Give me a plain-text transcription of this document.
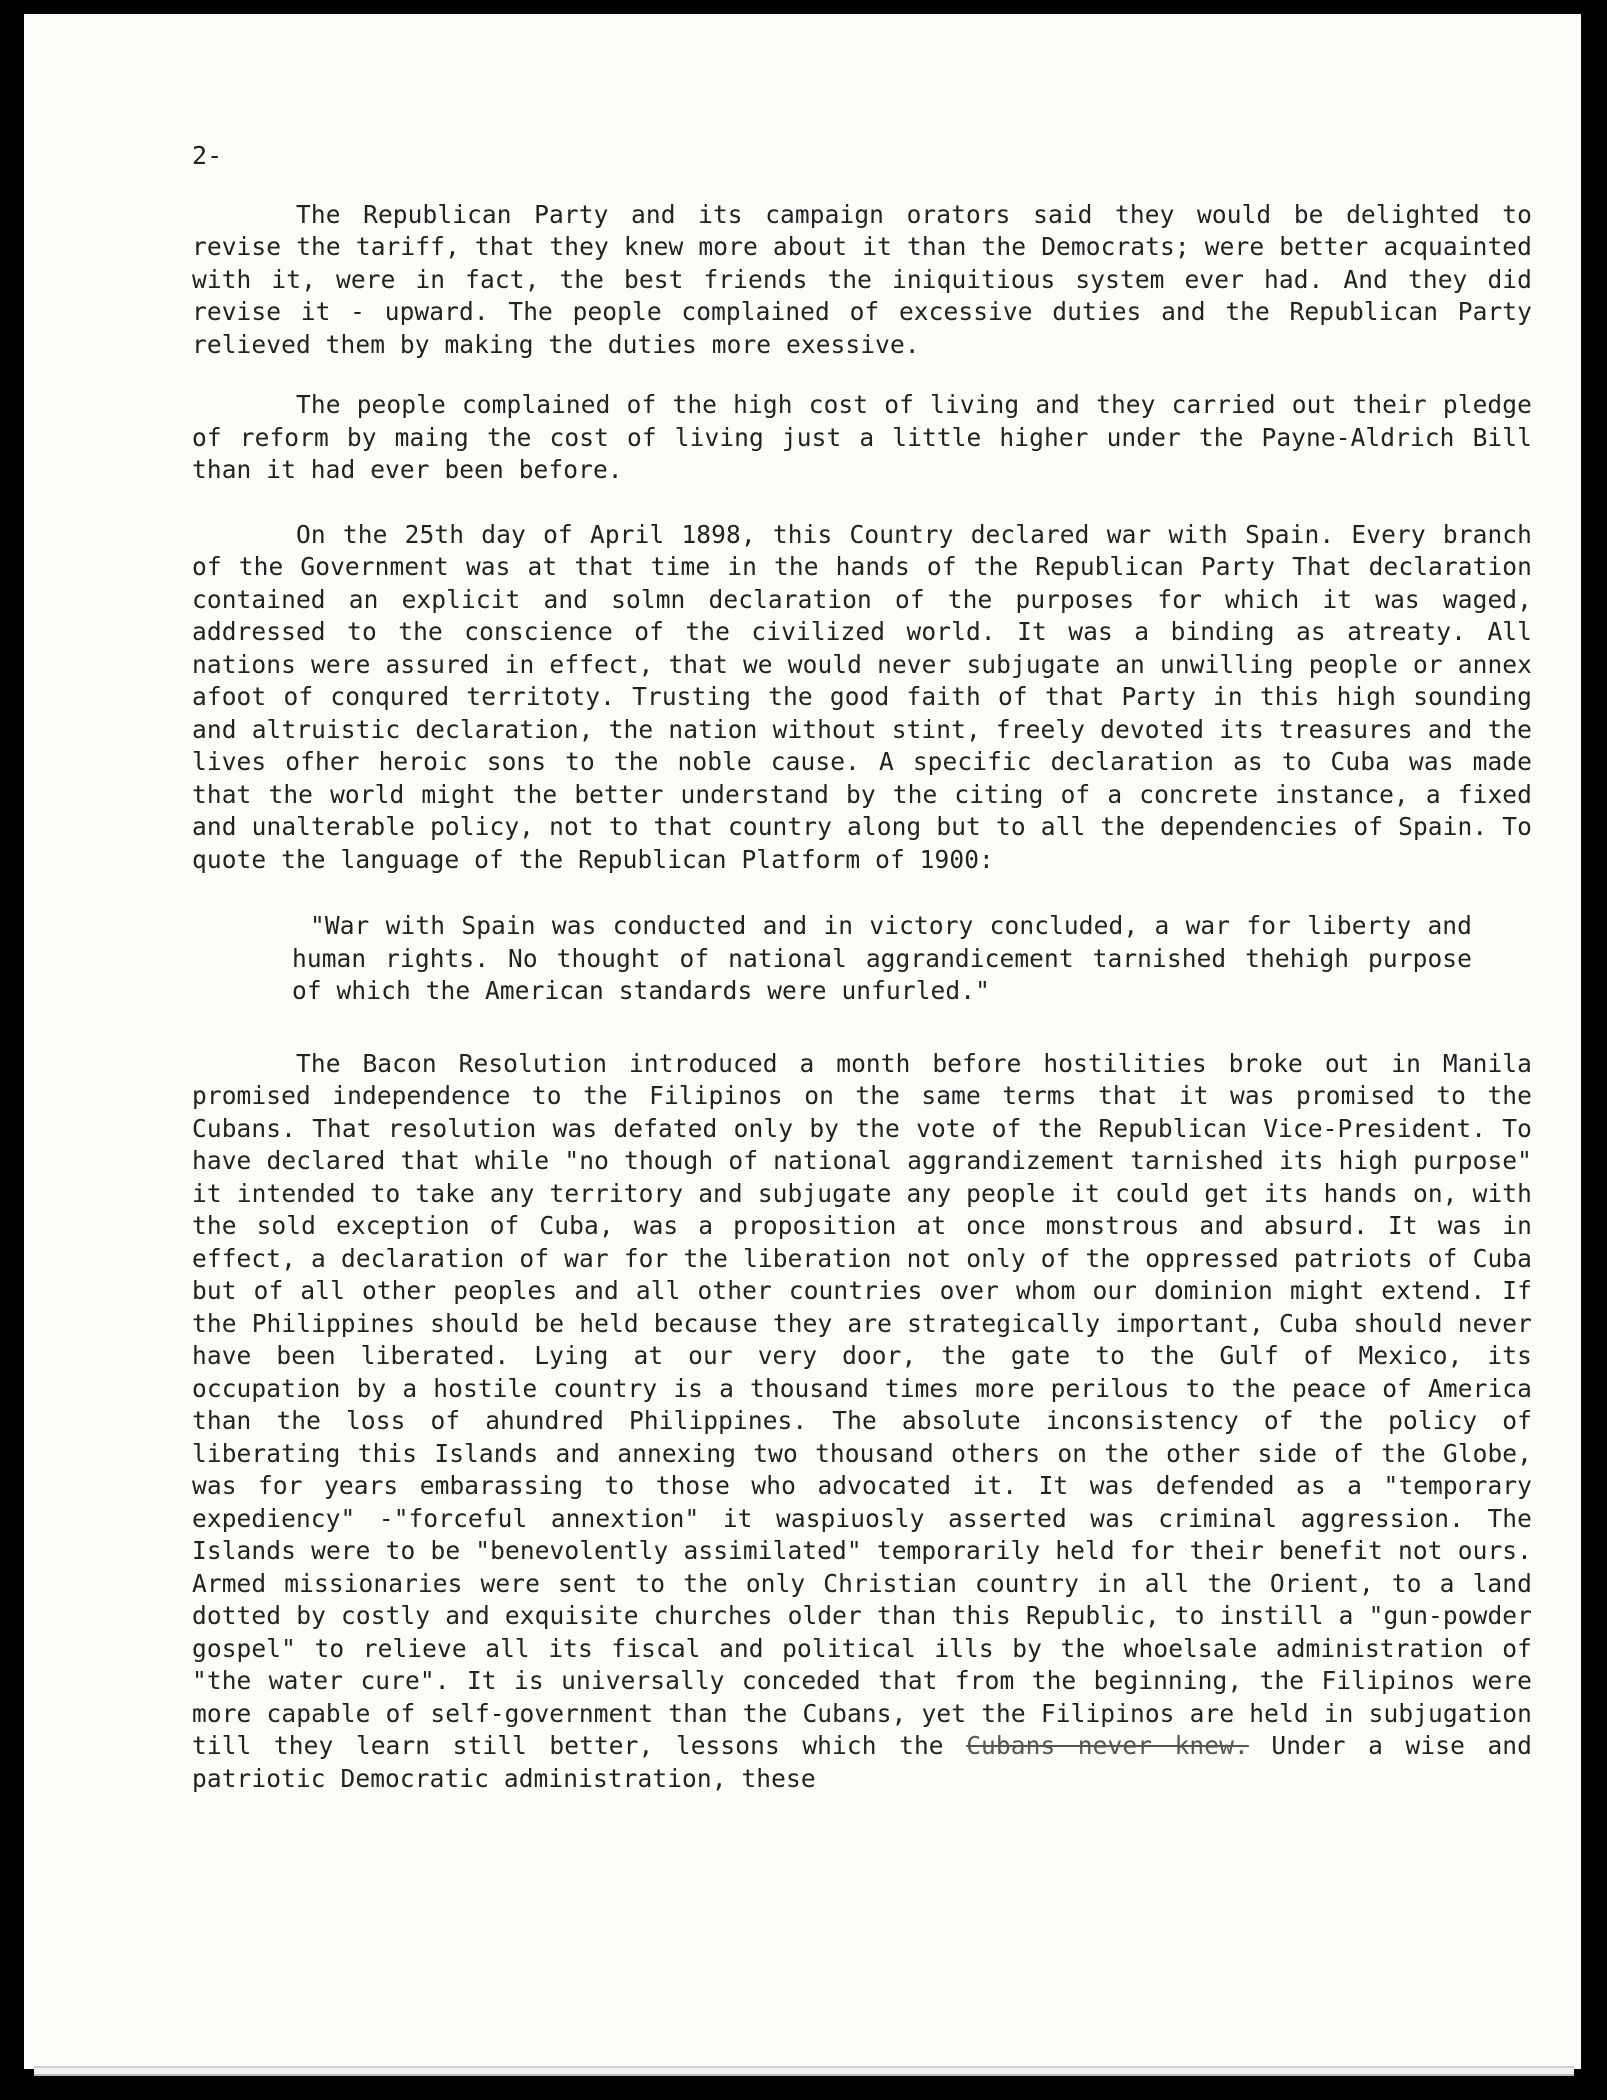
2-

The Republican Party and its campaign orators said they would be delighted to revise the tariff, that they knew more about it than the Democrats; were better acquainted with it, were in fact, the best friends the iniquitious system ever had. And they did revise it - upward. The people complained of excessive duties and the Republican Party relieved them by making the duties more exessive.

The people complained of the high cost of living and they carried out their pledge of reform by maing the cost of living just a little higher under the Payne-Aldrich Bill than it had ever been before.

On the 25th day of April 1898, this Country declared war with Spain. Every branch of the Government was at that time in the hands of the Republican Party That declaration contained an explicit and solmn declaration of the purposes for which it was waged, addressed to the conscience of the civilized world. It was a binding as atreaty. All nations were assured in effect, that we would never subjugate an unwilling people or annex afoot of conqured territoty. Trusting the good faith of that Party in this high sounding and altruistic declaration, the nation without stint, freely devoted its treasures and the lives ofher heroic sons to the noble cause. A specific declaration as to Cuba was made that the world might the better understand by the citing of a concrete instance, a fixed and unalterable policy, not to that country along but to all the dependencies of Spain. To quote the language of the Republican Platform of 1900:

"War with Spain was conducted and in victory concluded, a war for liberty and human rights. No thought of national aggrandicement tarnished thehigh purpose of which the American standards were unfurled."

The Bacon Resolution introduced a month before hostilities broke out in Manila promised independence to the Filipinos on the same terms that it was promised to the Cubans. That resolution was defated only by the vote of the Republican Vice-President. To have declared that while "no though of national aggrandizement tarnished its high purpose" it intended to take any territory and subjugate any people it could get its hands on, with the sold exception of Cuba, was a proposition at once monstrous and absurd. It was in effect, a declaration of war for the liberation not only of the oppressed patriots of Cuba but of all other peoples and all other countries over whom our dominion might extend. If the Philippines should be held because they are strategically important, Cuba should never have been liberated. Lying at our very door, the gate to the Gulf of Mexico, its occupation by a hostile country is a thousand times more perilous to the peace of America than the loss of ahundred Philippines. The absolute inconsistency of the policy of liberating this Islands and annexing two thousand others on the other side of the Globe, was for years embarassing to those who advocated it. It was defended as a "temporary expediency" -"forceful annextion" it waspiuosly asserted was criminal aggression. The Islands were to be "benevolently assimilated" temporarily held for their benefit not ours. Armed missionaries were sent to the only Christian country in all the Orient, to a land dotted by costly and exquisite churches older than this Republic, to instill a "gun-powder gospel" to relieve all its fiscal and political ills by the whoelsale administration of "the water cure". It is universally conceded that from the beginning, the Filipinos were more capable of self-government than the Cubans, yet the Filipinos are held in subjugation till they learn still better, lessons which the Cubans never knew. Under a wise and patriotic Democratic administration, these
